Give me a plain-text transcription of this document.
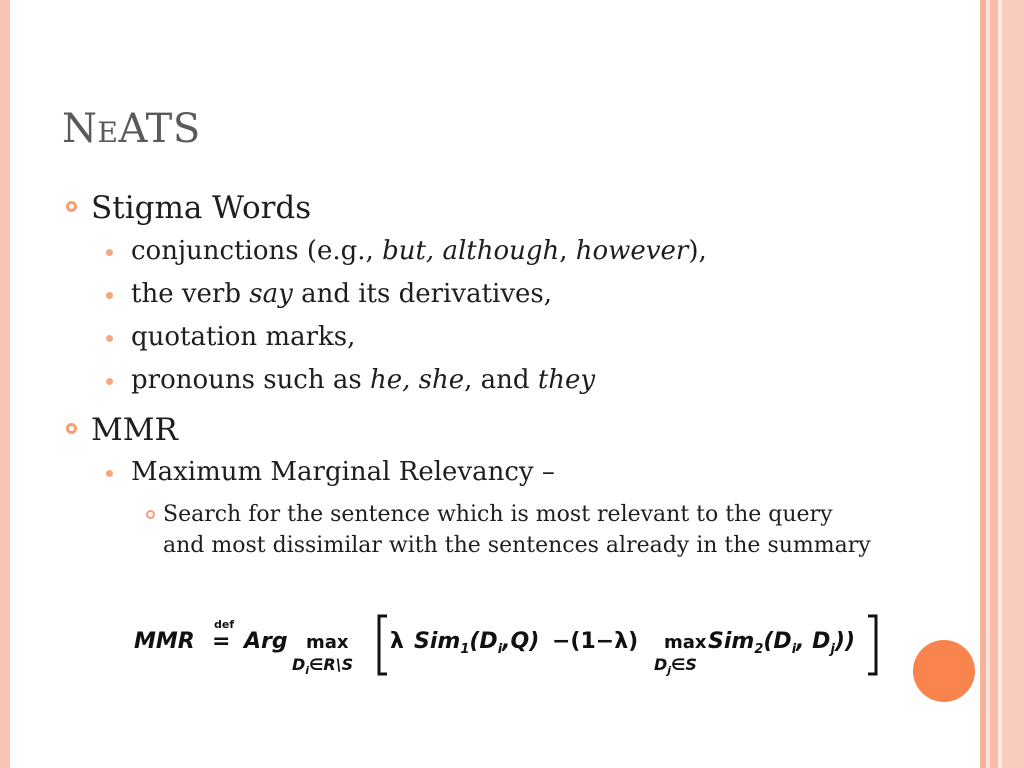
NeATS
Stigma Words
conjunctions (e.g., but, although, however),
the verb say and its derivatives,
quotation marks,
pronouns such as he, she, and they
MMR
Maximum Marginal Relevancy –
Search for the sentence which is most relevant to the query and most dissimilar with the sentences already in the summary
MMR
def
= Arg max
$D_i\in R\backslash S$
λ $Sim_1(D_i,Q) -(1-\lambda)$ max
$D_j\in S$
$Sim_2(D_i$, $D_j$))
